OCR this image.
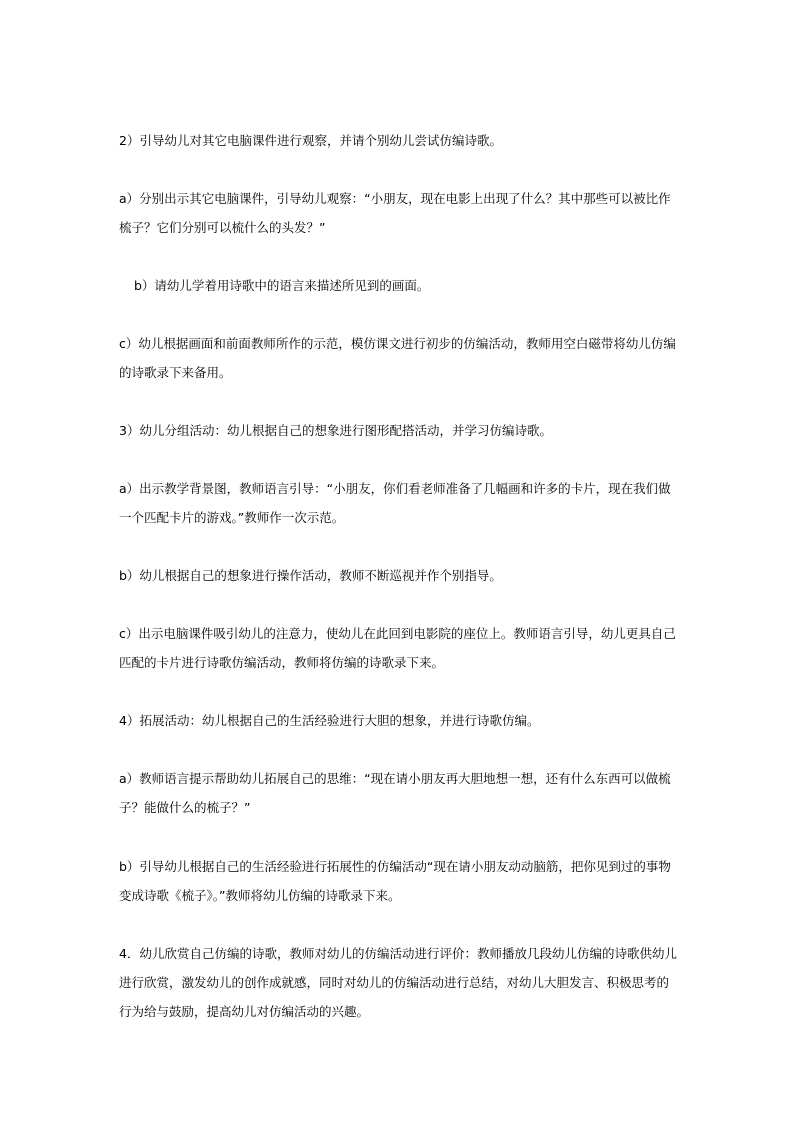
2）引导幼儿对其它电脑课件进行观察，并请个别幼儿尝试仿编诗歌。

a）分别出示其它电脑课件，引导幼儿观察：“小朋友，现在电影上出现了什么？其中那些可以被比作梳子？它们分别可以梳什么的头发？”

b）请幼儿学着用诗歌中的语言来描述所见到的画面。

c）幼儿根据画面和前面教师所作的示范，模仿课文进行初步的仿编活动，教师用空白磁带将幼儿仿编的诗歌录下来备用。

3）幼儿分组活动：幼儿根据自己的想象进行图形配搭活动，并学习仿编诗歌。

a）出示教学背景图，教师语言引导：“小朋友，你们看老师准备了几幅画和许多的卡片，现在我们做一个匹配卡片的游戏。”教师作一次示范。

b）幼儿根据自己的想象进行操作活动，教师不断巡视并作个别指导。

c）出示电脑课件吸引幼儿的注意力，使幼儿在此回到电影院的座位上。教师语言引导，幼儿更具自己匹配的卡片进行诗歌仿编活动，教师将仿编的诗歌录下来。

4）拓展活动：幼儿根据自己的生活经验进行大胆的想象，并进行诗歌仿编。

a）教师语言提示帮助幼儿拓展自己的思维：“现在请小朋友再大胆地想一想，还有什么东西可以做梳子？能做什么的梳子？”

b）引导幼儿根据自己的生活经验进行拓展性的仿编活动“现在请小朋友动动脑筋，把你见到过的事物变成诗歌《梳子》。”教师将幼儿仿编的诗歌录下来。

4．幼儿欣赏自己仿编的诗歌，教师对幼儿的仿编活动进行评价：教师播放几段幼儿仿编的诗歌供幼儿进行欣赏，激发幼儿的创作成就感，同时对幼儿的仿编活动进行总结，对幼儿大胆发言、积极思考的行为给与鼓励，提高幼儿对仿编活动的兴趣。
